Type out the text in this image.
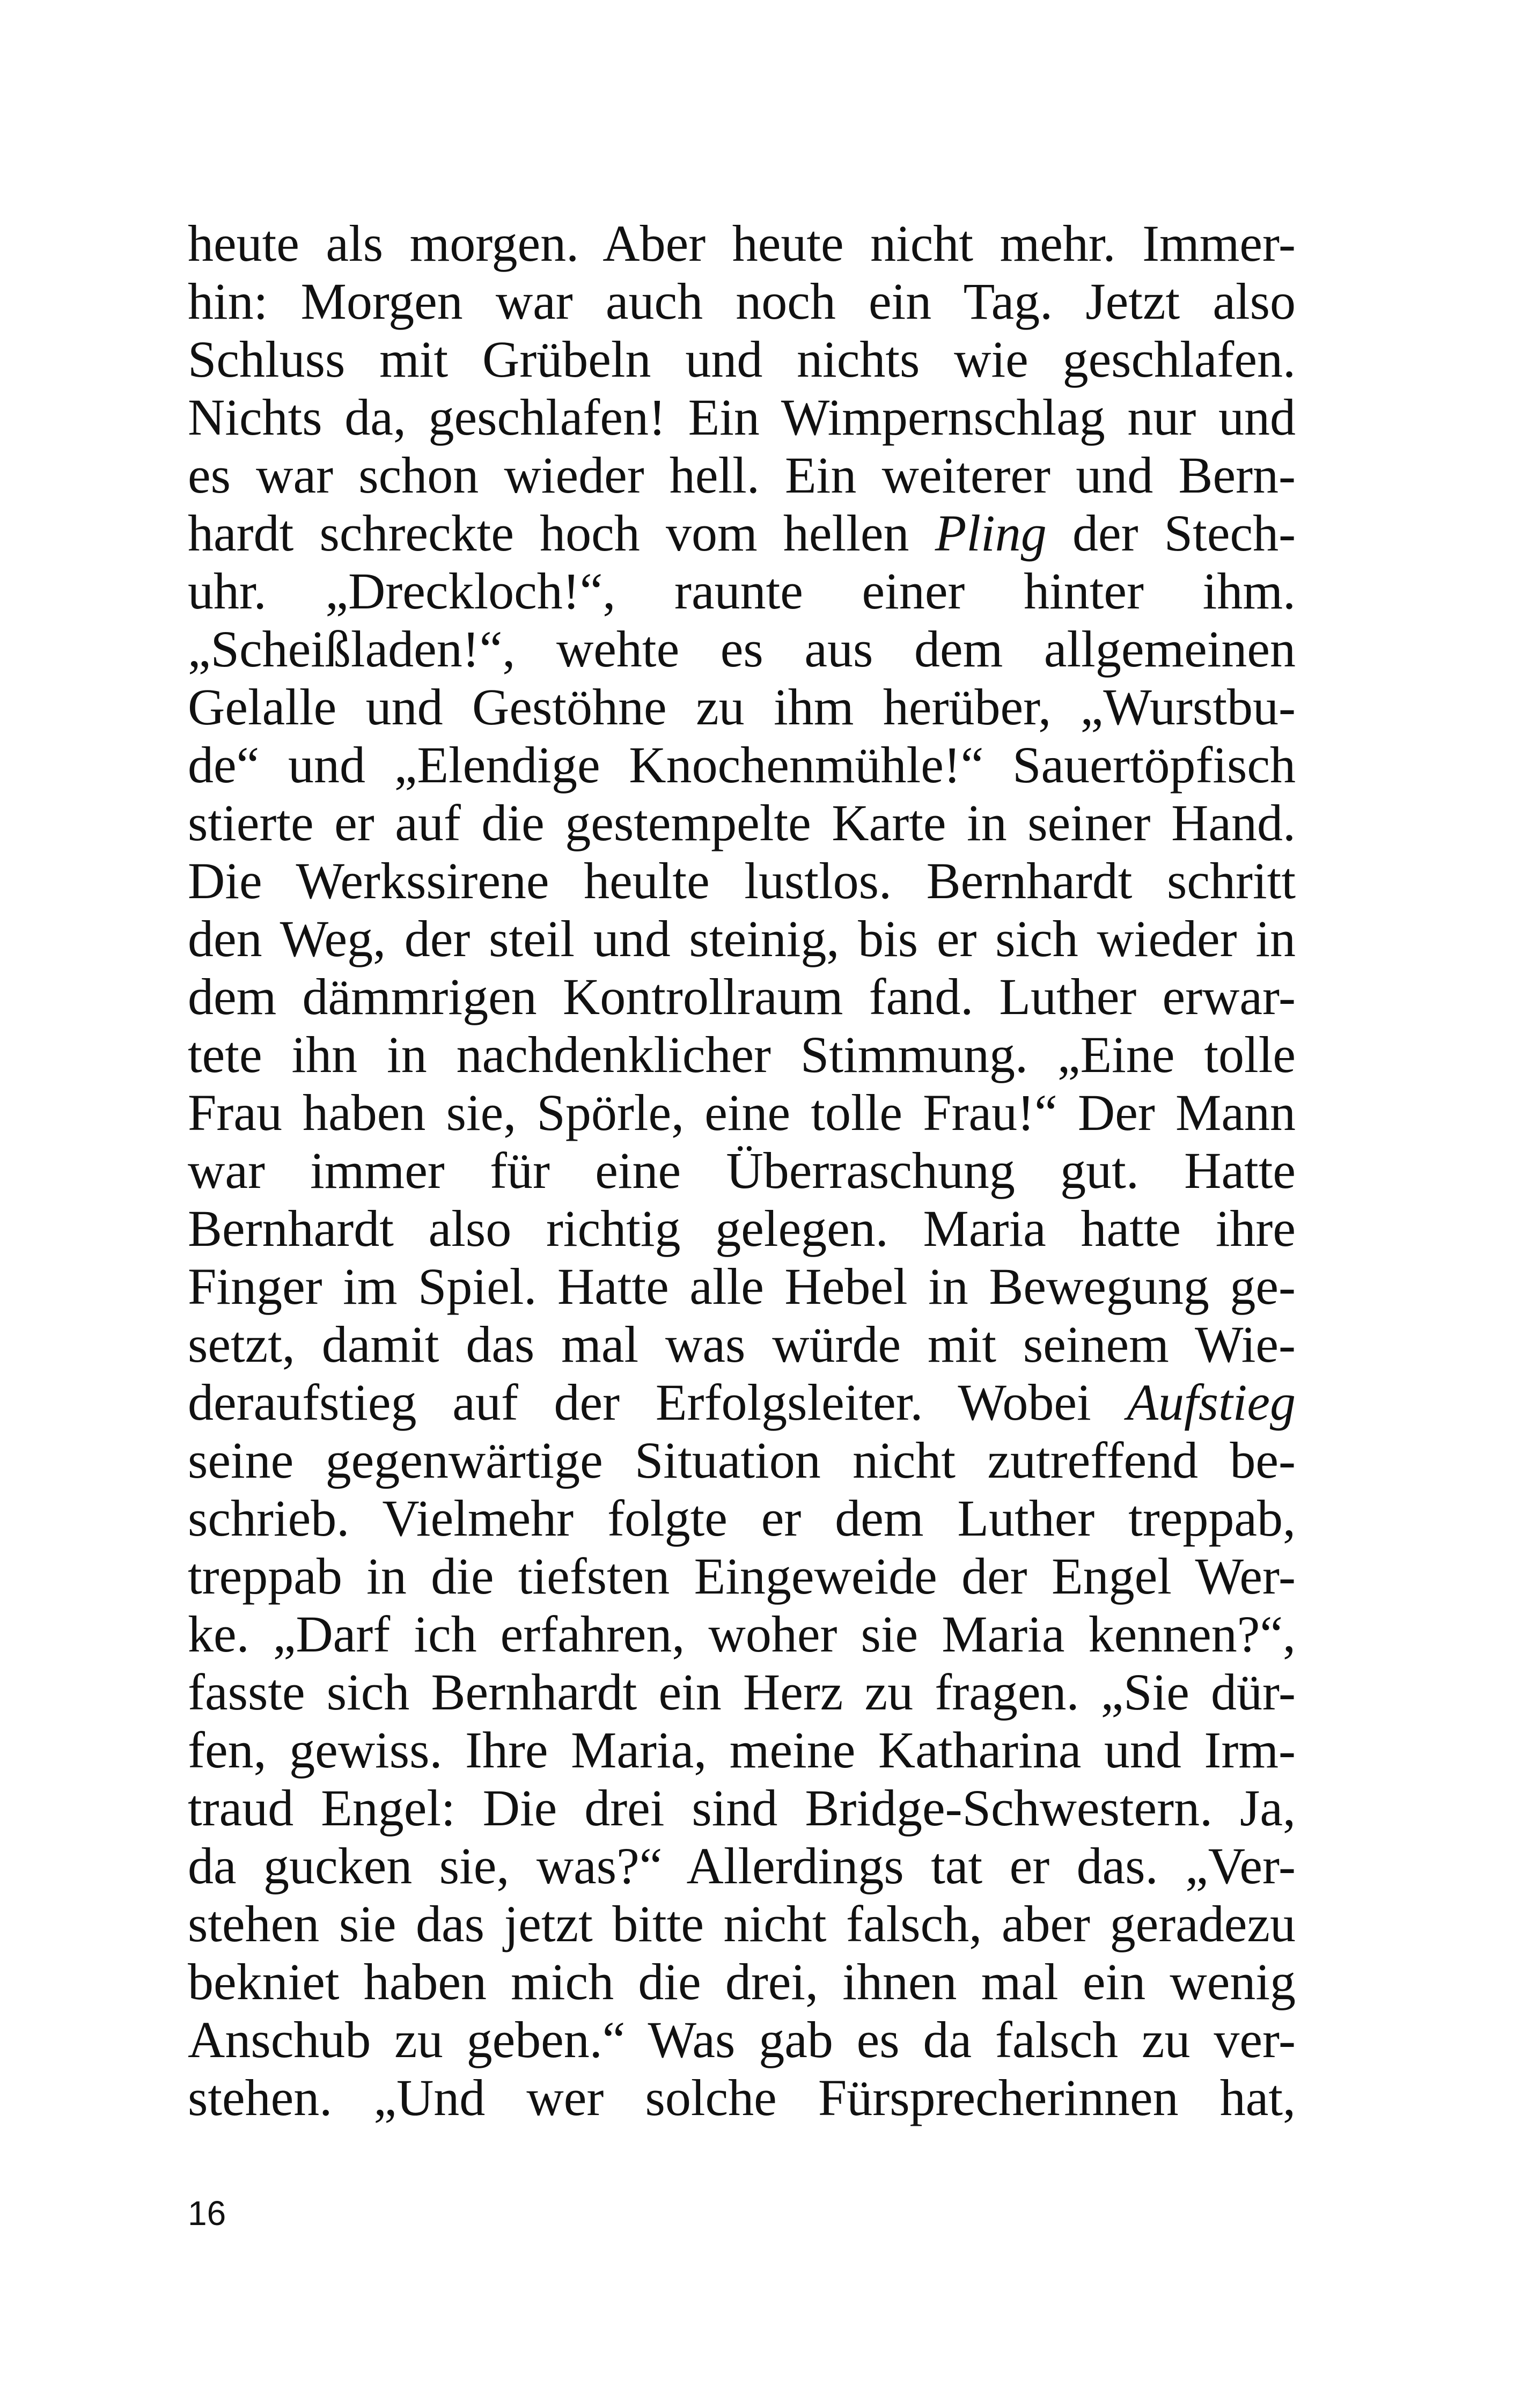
heute als morgen. Aber heute nicht mehr. Immer-
hin: Morgen war auch noch ein Tag. Jetzt also
Schluss mit Grübeln und nichts wie geschlafen.
Nichts da, geschlafen! Ein Wimpernschlag nur und
es war schon wieder hell. Ein weiterer und Bern-
hardt schreckte hoch vom hellen Pling der Stech-
uhr. „Dreckloch!“, raunte einer hinter ihm.
„Scheißladen!“, wehte es aus dem allgemeinen
Gelalle und Gestöhne zu ihm herüber, „Wurstbu-
de“ und „Elendige Knochenmühle!“ Sauertöpfisch
stierte er auf die gestempelte Karte in seiner Hand.
Die Werkssirene heulte lustlos. Bernhardt schritt
den Weg, der steil und steinig, bis er sich wieder in
dem dämmrigen Kontrollraum fand. Luther erwar-
tete ihn in nachdenklicher Stimmung. „Eine tolle
Frau haben sie, Spörle, eine tolle Frau!“ Der Mann
war immer für eine Überraschung gut. Hatte
Bernhardt also richtig gelegen. Maria hatte ihre
Finger im Spiel. Hatte alle Hebel in Bewegung ge-
setzt, damit das mal was würde mit seinem Wie-
deraufstieg auf der Erfolgsleiter. Wobei Aufstieg
seine gegenwärtige Situation nicht zutreffend be-
schrieb. Vielmehr folgte er dem Luther treppab,
treppab in die tiefsten Eingeweide der Engel Wer-
ke. „Darf ich erfahren, woher sie Maria kennen?“,
fasste sich Bernhardt ein Herz zu fragen. „Sie dür-
fen, gewiss. Ihre Maria, meine Katharina und Irm-
traud Engel: Die drei sind Bridge-Schwestern. Ja,
da gucken sie, was?“ Allerdings tat er das. „Ver-
stehen sie das jetzt bitte nicht falsch, aber geradezu
bekniet haben mich die drei, ihnen mal ein wenig
Anschub zu geben.“ Was gab es da falsch zu ver-
stehen. „Und wer solche Fürsprecherinnen hat,
16
